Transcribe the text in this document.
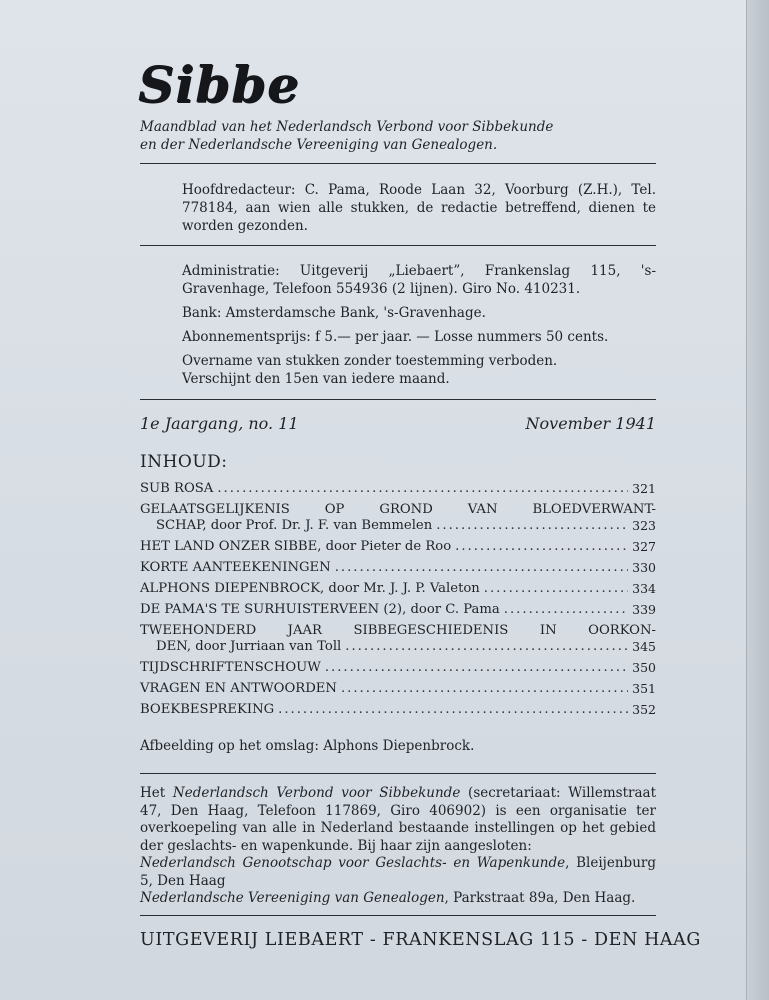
Sibbe
Maandblad van het Nederlandsch Verbond voor Sibbekunde
en der Nederlandsche Vereeniging van Genealogen.

Hoofdredacteur: C. Pama, Roode Laan 32, Voorburg (Z.H.), Tel. 778184, aan wien alle stukken, de redactie betreffend, dienen te worden gezonden.

Administratie: Uitgeverij „Liebaert”, Frankenslag 115, 's-Gravenhage, Telefoon 554936 (2 lijnen). Giro No. 410231.

Bank: Amsterdamsche Bank, 's-Gravenhage.

Abonnementsprijs: f 5.— per jaar. — Losse nummers 50 cents.

Overname van stukken zonder toestemming verboden.

Verschijnt den 15en van iedere maand.

1e Jaargang, no. 11	November 1941
INHOUD:
SUB ROSA .....	321
GELAATSGELIJKENIS OP GROND VAN BLOEDVERWANT-
SCHAP, door Prof. Dr. J. F. van Bemmelen .....	323
HET LAND ONZER SIBBE, door Pieter de Roo .....	327
KORTE AANTEEKENINGEN .....	330
ALPHONS DIEPENBROCK, door Mr. J. J. P. Valeton .....	334
DE PAMA'S TE SURHUISTERVEEN (2), door C. Pama .....	339
TWEEHONDERD JAAR SIBBEGESCHIEDENIS IN OORKON-
DEN, door Jurriaan van Toll .....	345
TIJDSCHRIFTENSCHOUW .....	350
VRAGEN EN ANTWOORDEN .....	351
BOEKBESPREKING .....	352
Afbeelding op het omslag: Alphons Diepenbrock.

Het Nederlandsch Verbond voor Sibbekunde (secretariaat: Willemstraat 47, Den Haag, Telefoon 117869, Giro 406902) is een organisatie ter overkoepeling van alle in Nederland bestaande instellingen op het gebied der geslachts- en wapenkunde. Bij haar zijn aangesloten:

Nederlandsch Genootschap voor Geslachts- en Wapenkunde, Bleijenburg 5, Den Haag

Nederlandsche Vereeniging van Genealogen, Parkstraat 89a, Den Haag.

UITGEVERIJ LIEBAERT - FRANKENSLAG 115 - DEN HAAG
